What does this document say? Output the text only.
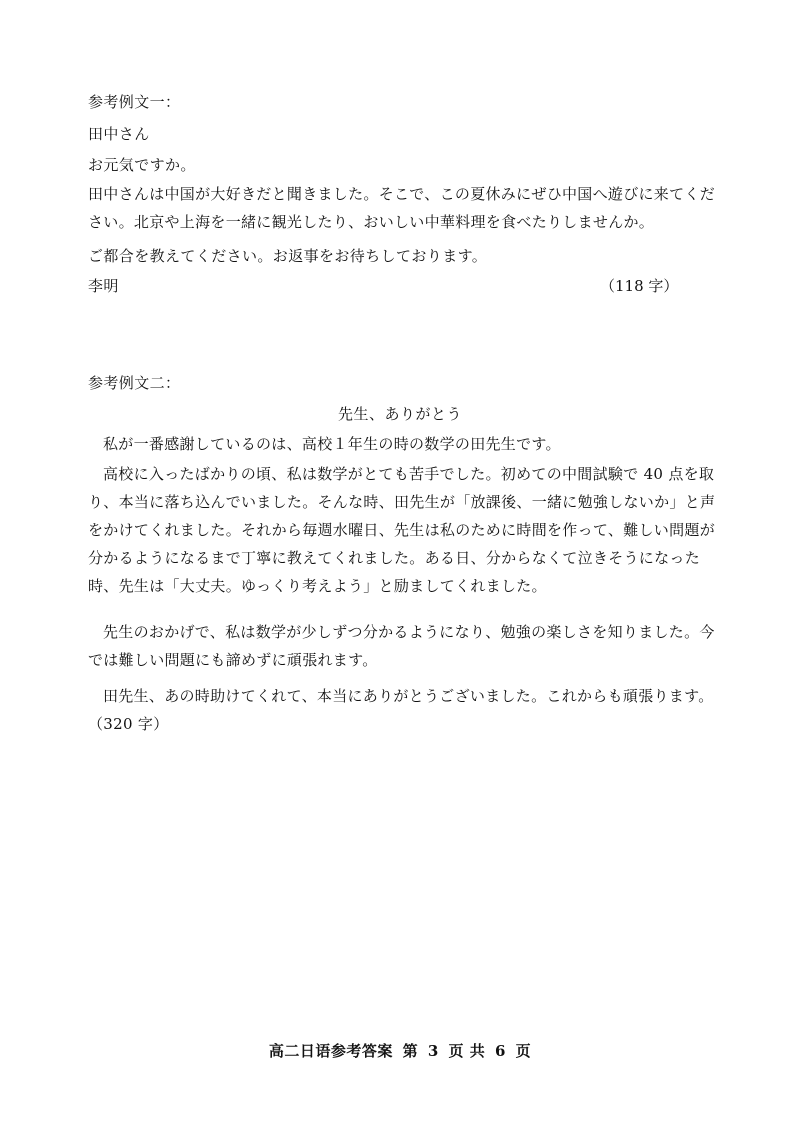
参考例文一：
田中さん
お元気ですか。
田中さんは中国が大好きだと聞きました。そこで、この夏休みにぜひ中国へ遊びに来てください。北京や上海を一緒に観光したり、おいしい中華料理を食べたりしませんか。
ご都合を教えてください。お返事をお待ちしております。
李明	（118 字）
参考例文二：
先生、ありがとう
私が一番感謝しているのは、高校１年生の時の数学の田先生です。
高校に入ったばかりの頃、私は数学がとても苦手でした。初めての中間試験で 40 点を取り、本当に落ち込んでいました。そんな時、田先生が「放課後、一緒に勉強しないか」と声をかけてくれました。それから毎週水曜日、先生は私のために時間を作って、難しい問題が分かるようになるまで丁寧に教えてくれました。ある日、分からなくて泣きそうになった時、先生は「大丈夫。ゆっくり考えよう」と励ましてくれました。
先生のおかげで、私は数学が少しずつ分かるようになり、勉強の楽しさを知りました。今では難しい問題にも諦めずに頑張れます。
田先生、あの時助けてくれて、本当にありがとうございました。これからも頑張ります。（320 字）
高二日语参考答案 第 3 页 共 6 页
